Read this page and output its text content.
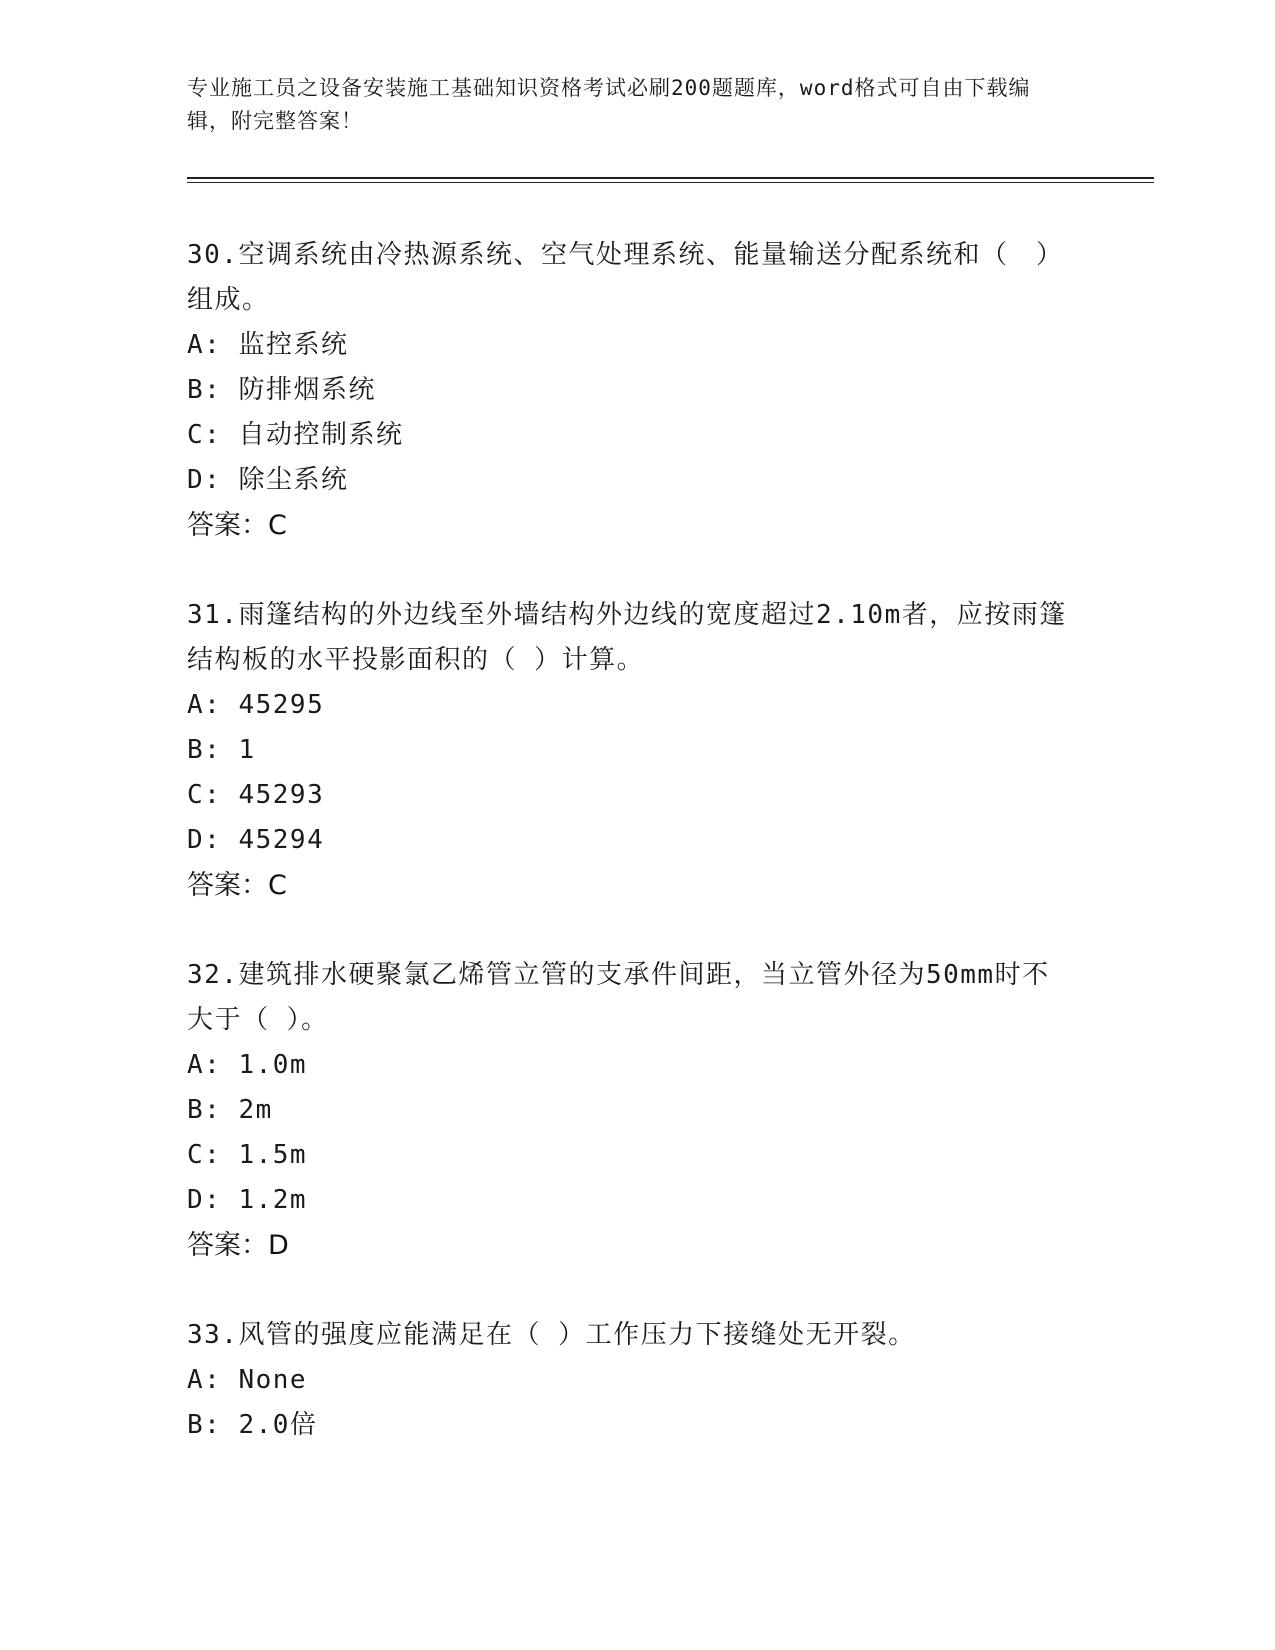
专业施工员之设备安装施工基础知识资格考试必刷200题题库，word格式可自由下载编辑，附完整答案！

30.空调系统由冷热源系统、空气处理系统、能量输送分配系统和（　）组成。

A: 监控系统

B: 防排烟系统

C: 自动控制系统

D: 除尘系统

答案：C

31.雨篷结构的外边线至外墙结构外边线的宽度超过2.10m者，应按雨篷结构板的水平投影面积的（ ）计算。

A: 45295

B: 1

C: 45293

D: 45294

答案：C

32.建筑排水硬聚氯乙烯管立管的支承件间距，当立管外径为50mm时不大于（ ）。

A: 1.0m

B: 2m

C: 1.5m

D: 1.2m

答案：D

33.风管的强度应能满足在（ ）工作压力下接缝处无开裂。

A: None

B: 2.0倍
